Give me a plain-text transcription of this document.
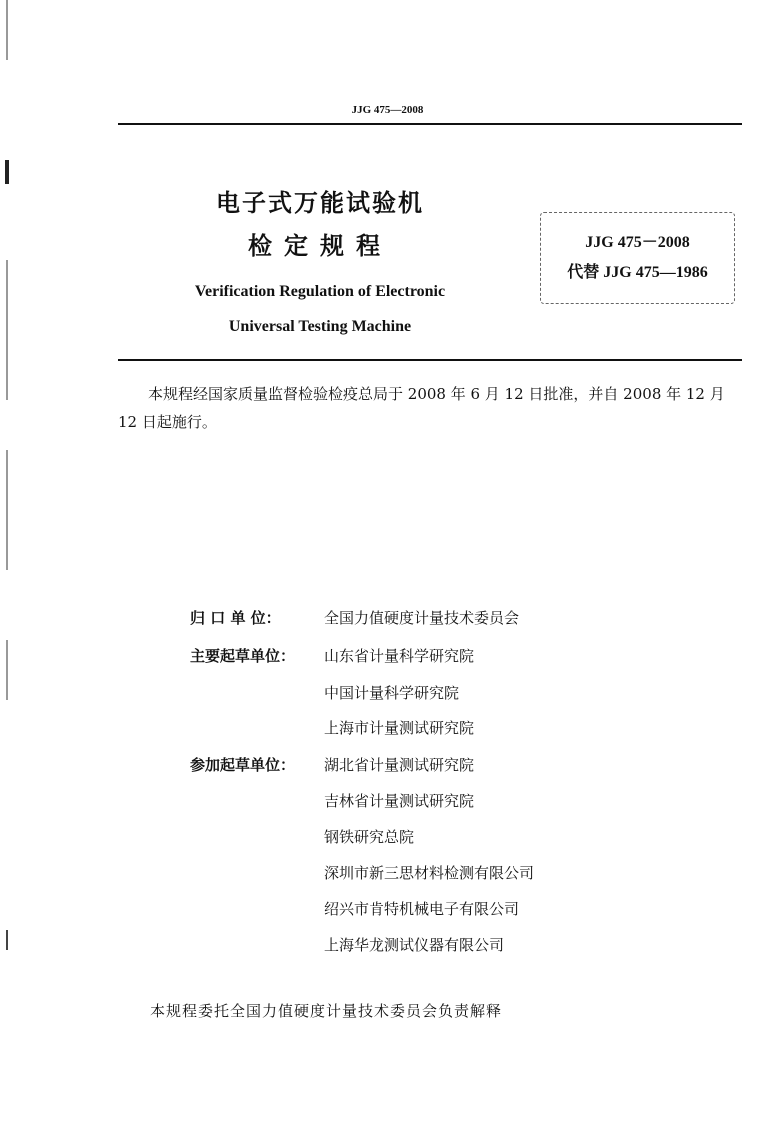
JJG 475—2008
电子式万能试验机
检定规程
Verification Regulation of Electronic
Universal Testing Machine
JJG 475－2008
代替 JJG 475—1986
本规程经国家质量监督检验检疫总局于 2008 年 6 月 12 日批准，并自 2008 年 12 月 12 日起施行。
归 口 单 位：	全国力值硬度计量技术委员会
主要起草单位：	山东省计量科学研究院
中国计量科学研究院
上海市计量测试研究院
参加起草单位：	湖北省计量测试研究院
吉林省计量测试研究院
钢铁研究总院
深圳市新三思材料检测有限公司
绍兴市肯特机械电子有限公司
上海华龙测试仪器有限公司
本规程委托全国力值硬度计量技术委员会负责解释
